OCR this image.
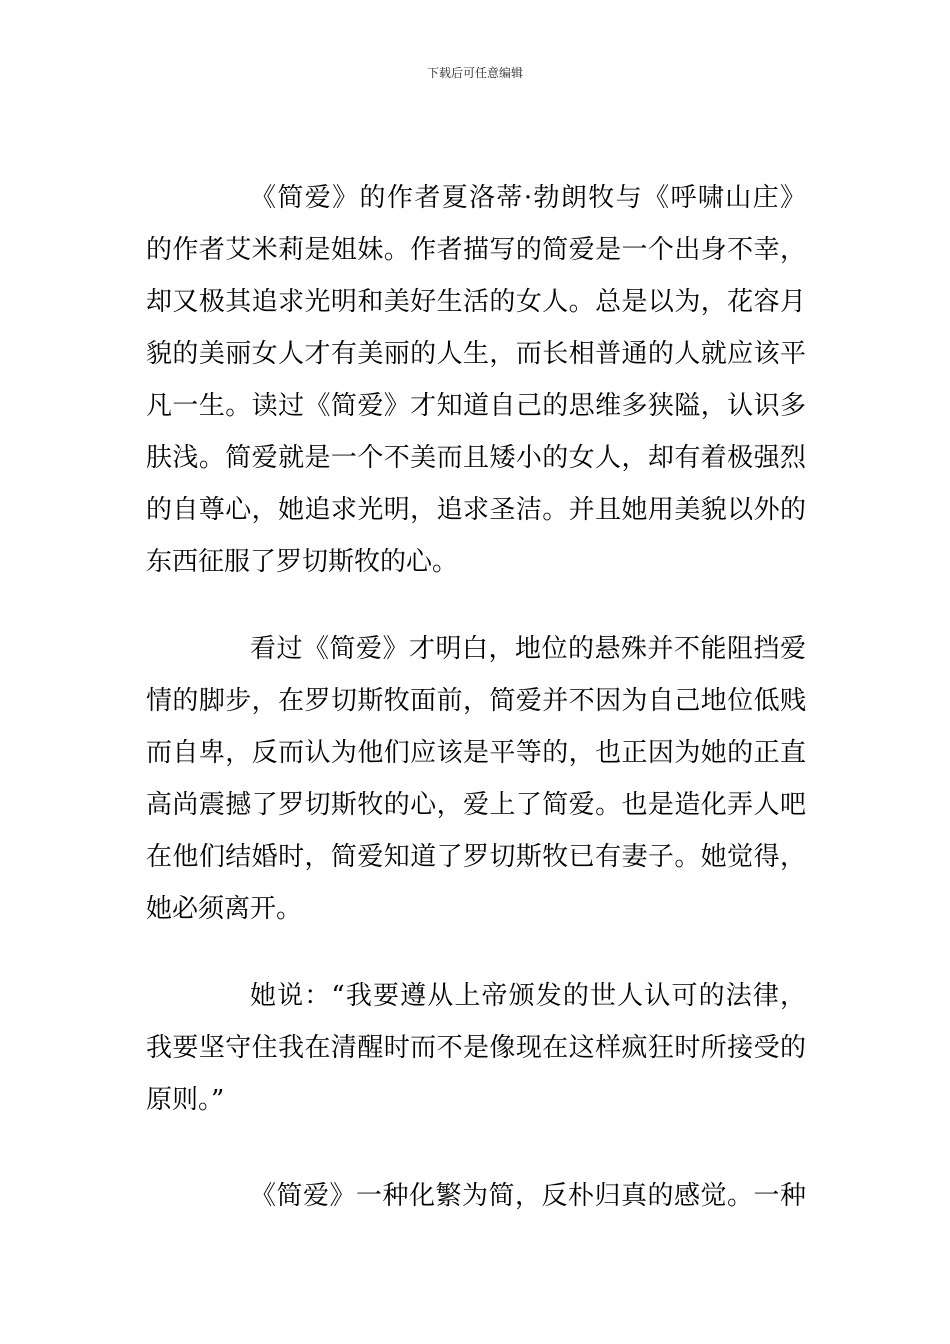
下载后可任意编辑
《简爱》的作者夏洛蒂·勃朗牧与《呼啸山庄》
的作者艾米莉是姐妹。作者描写的简爱是一个出身不幸，
却又极其追求光明和美好生活的女人。总是以为，花容月
貌的美丽女人才有美丽的人生，而长相普通的人就应该平
凡一生。读过《简爱》才知道自己的思维多狭隘，认识多
肤浅。简爱就是一个不美而且矮小的女人，却有着极强烈
的自尊心，她追求光明，追求圣洁。并且她用美貌以外的
东西征服了罗切斯牧的心。
看过《简爱》才明白，地位的悬殊并不能阻挡爱
情的脚步，在罗切斯牧面前，简爱并不因为自己地位低贱
而自卑，反而认为他们应该是平等的，也正因为她的正直
高尚震撼了罗切斯牧的心，爱上了简爱。也是造化弄人吧
在他们结婚时，简爱知道了罗切斯牧已有妻子。她觉得，
她必须离开。
她说：“我要遵从上帝颁发的世人认可的法律，
我要坚守住我在清醒时而不是像现在这样疯狂时所接受的
原则。”
《简爱》一种化繁为简，反朴归真的感觉。一种
